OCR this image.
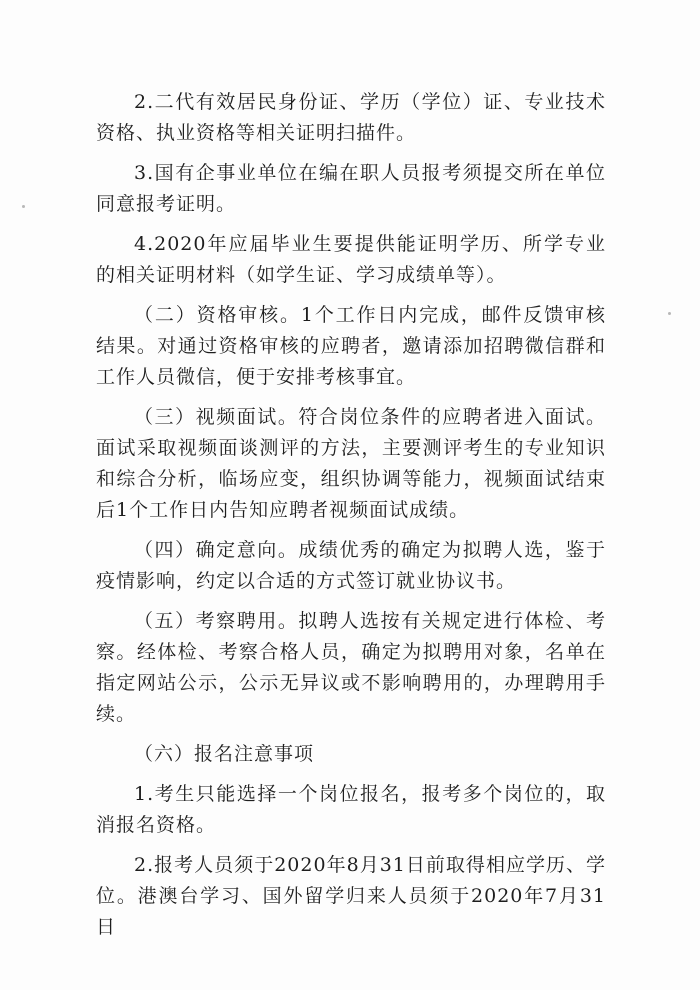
2.二代有效居民身份证、学历（学位）证、专业技术资格、执业资格等相关证明扫描件。

3.国有企事业单位在编在职人员报考须提交所在单位同意报考证明。

4.2020年应届毕业生要提供能证明学历、所学专业的相关证明材料（如学生证、学习成绩单等）。

（二）资格审核。1个工作日内完成，邮件反馈审核结果。对通过资格审核的应聘者，邀请添加招聘微信群和工作人员微信，便于安排考核事宜。

（三）视频面试。符合岗位条件的应聘者进入面试。面试采取视频面谈测评的方法，主要测评考生的专业知识和综合分析，临场应变，组织协调等能力，视频面试结束后1个工作日内告知应聘者视频面试成绩。

（四）确定意向。成绩优秀的确定为拟聘人选，鉴于疫情影响，约定以合适的方式签订就业协议书。

（五）考察聘用。拟聘人选按有关规定进行体检、考察。经体检、考察合格人员，确定为拟聘用对象，名单在指定网站公示，公示无异议或不影响聘用的，办理聘用手续。

（六）报名注意事项

1.考生只能选择一个岗位报名，报考多个岗位的，取消报名资格。

2.报考人员须于2020年8月31日前取得相应学历、学位。港澳台学习、国外留学归来人员须于2020年7月31日
